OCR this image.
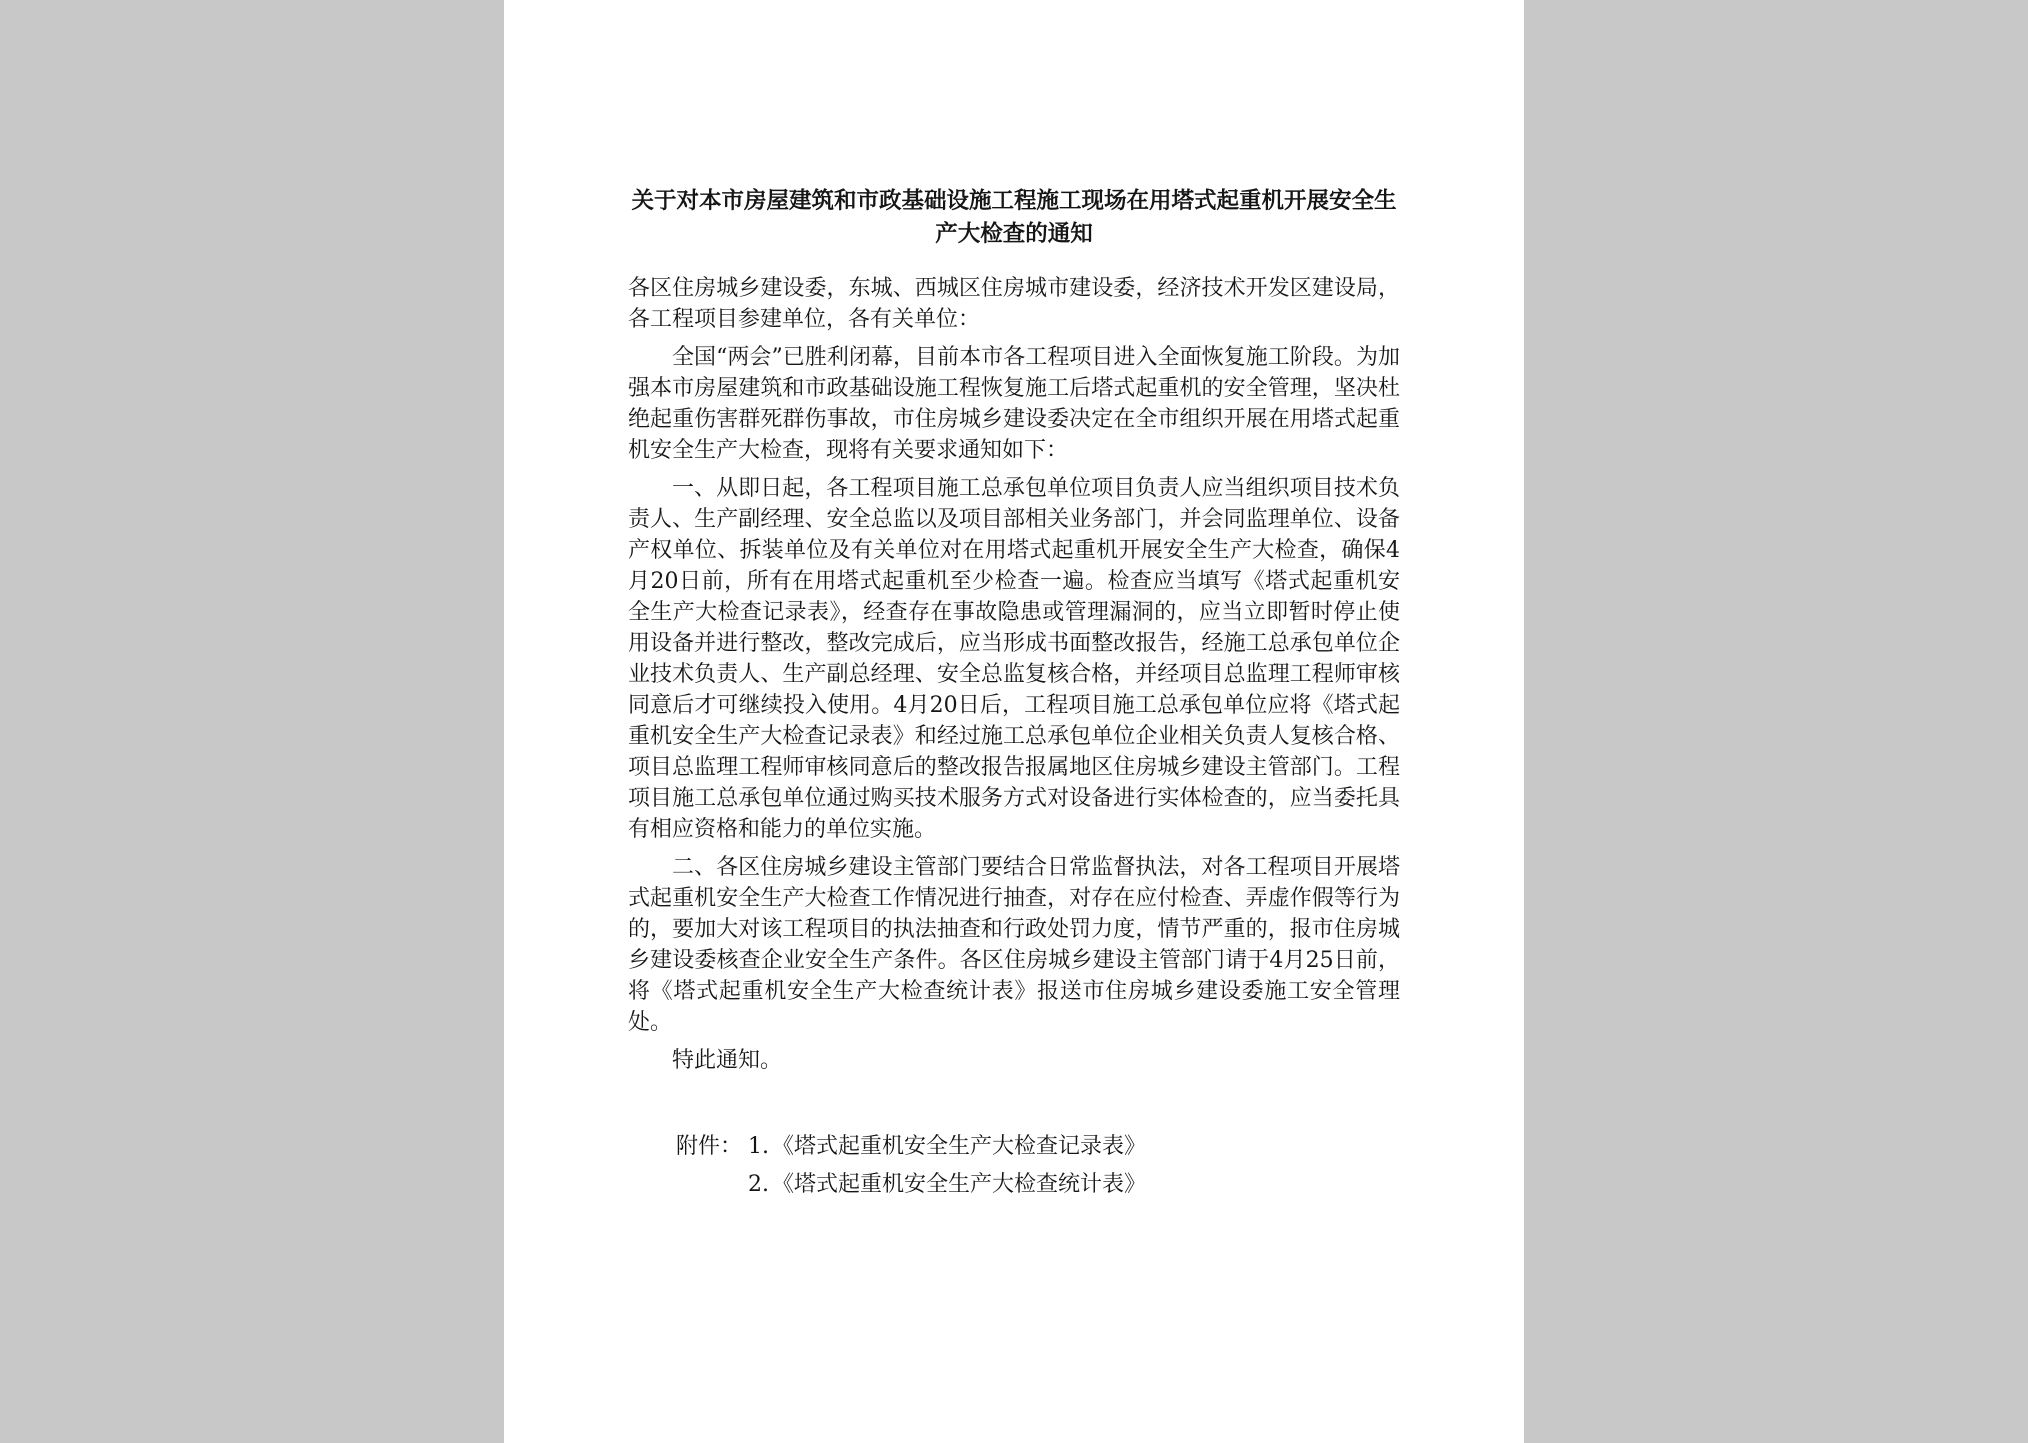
关于对本市房屋建筑和市政基础设施工程施工现场在用塔式起重机开展安全生产大检查的通知

各区住房城乡建设委，东城、西城区住房城市建设委，经济技术开发区建设局，各工程项目参建单位，各有关单位：

全国“两会”已胜利闭幕，目前本市各工程项目进入全面恢复施工阶段。为加强本市房屋建筑和市政基础设施工程恢复施工后塔式起重机的安全管理，坚决杜绝起重伤害群死群伤事故，市住房城乡建设委决定在全市组织开展在用塔式起重机安全生产大检查，现将有关要求通知如下：

一、从即日起，各工程项目施工总承包单位项目负责人应当组织项目技术负责人、生产副经理、安全总监以及项目部相关业务部门，并会同监理单位、设备产权单位、拆装单位及有关单位对在用塔式起重机开展安全生产大检查，确保4月20日前，所有在用塔式起重机至少检查一遍。检查应当填写《塔式起重机安全生产大检查记录表》，经查存在事故隐患或管理漏洞的，应当立即暂时停止使用设备并进行整改，整改完成后，应当形成书面整改报告，经施工总承包单位企业技术负责人、生产副总经理、安全总监复核合格，并经项目总监理工程师审核同意后才可继续投入使用。4月20日后，工程项目施工总承包单位应将《塔式起重机安全生产大检查记录表》和经过施工总承包单位企业相关负责人复核合格、项目总监理工程师审核同意后的整改报告报属地区住房城乡建设主管部门。工程项目施工总承包单位通过购买技术服务方式对设备进行实体检查的，应当委托具有相应资格和能力的单位实施。

二、各区住房城乡建设主管部门要结合日常监督执法，对各工程项目开展塔式起重机安全生产大检查工作情况进行抽查，对存在应付检查、弄虚作假等行为的，要加大对该工程项目的执法抽查和行政处罚力度，情节严重的，报市住房城乡建设委核查企业安全生产条件。各区住房城乡建设主管部门请于4月25日前，将《塔式起重机安全生产大检查统计表》报送市住房城乡建设委施工安全管理处。

特此通知。

附件： 1. 《塔式起重机安全生产大检查记录表》
2. 《塔式起重机安全生产大检查统计表》
